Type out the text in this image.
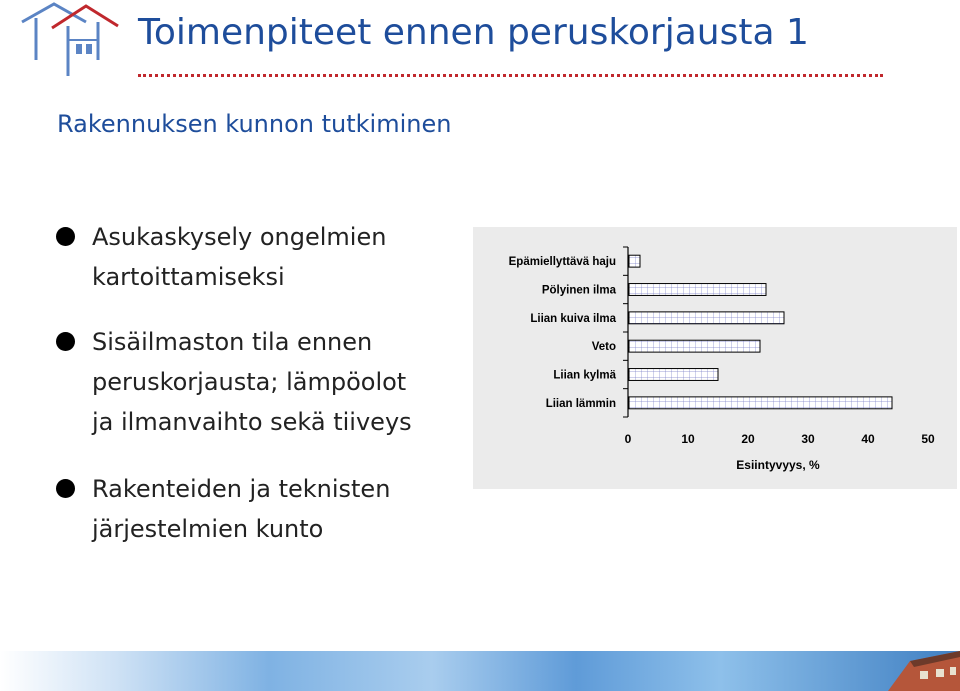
Toimenpiteet ennen peruskorjausta 1
Rakennuksen kunnon tutkiminen
Asukaskysely ongelmien
kartoittamiseksi
Sisäilmaston tila ennen
peruskorjausta; lämpöolot
ja ilmanvaihto sekä tiiveys
Rakenteiden ja teknisten
järjestelmien kunto
Epämiellyttävä haju
Pölyinen ilma
Liian kuiva ilma
Veto
Liian kylmä
Liian lämmin
0	10	20	30	40	50
Esiintyvyys, %
